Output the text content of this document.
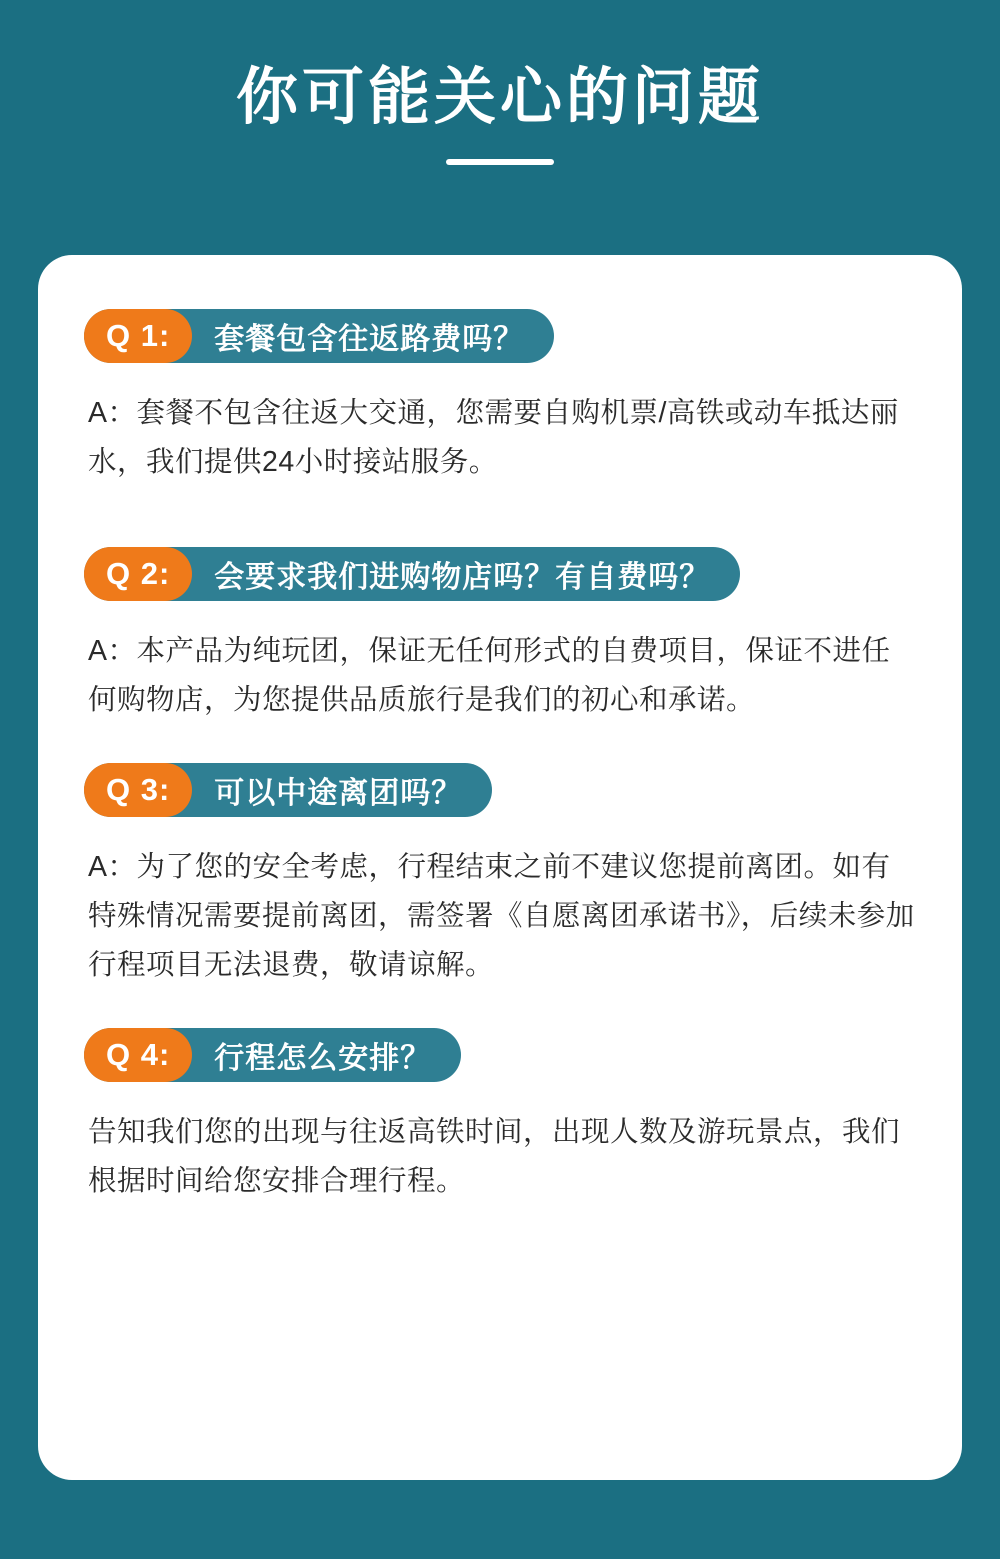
你可能关心的问题
Q 1:	套餐包含往返路费吗？

A：套餐不包含往返大交通，您需要自购机票/高铁或动车抵达丽水，我们提供24小时接站服务。

Q 2:	会要求我们进购物店吗？有自费吗？

A：本产品为纯玩团，保证无任何形式的自费项目，保证不进任何购物店，为您提供品质旅行是我们的初心和承诺。

Q 3:	可以中途离团吗？

A：为了您的安全考虑，行程结束之前不建议您提前离团。如有特殊情况需要提前离团，需签署《自愿离团承诺书》，后续未参加行程项目无法退费，敬请谅解。

Q 4:	行程怎么安排？

告知我们您的出现与往返高铁时间，出现人数及游玩景点，我们根据时间给您安排合理行程。
